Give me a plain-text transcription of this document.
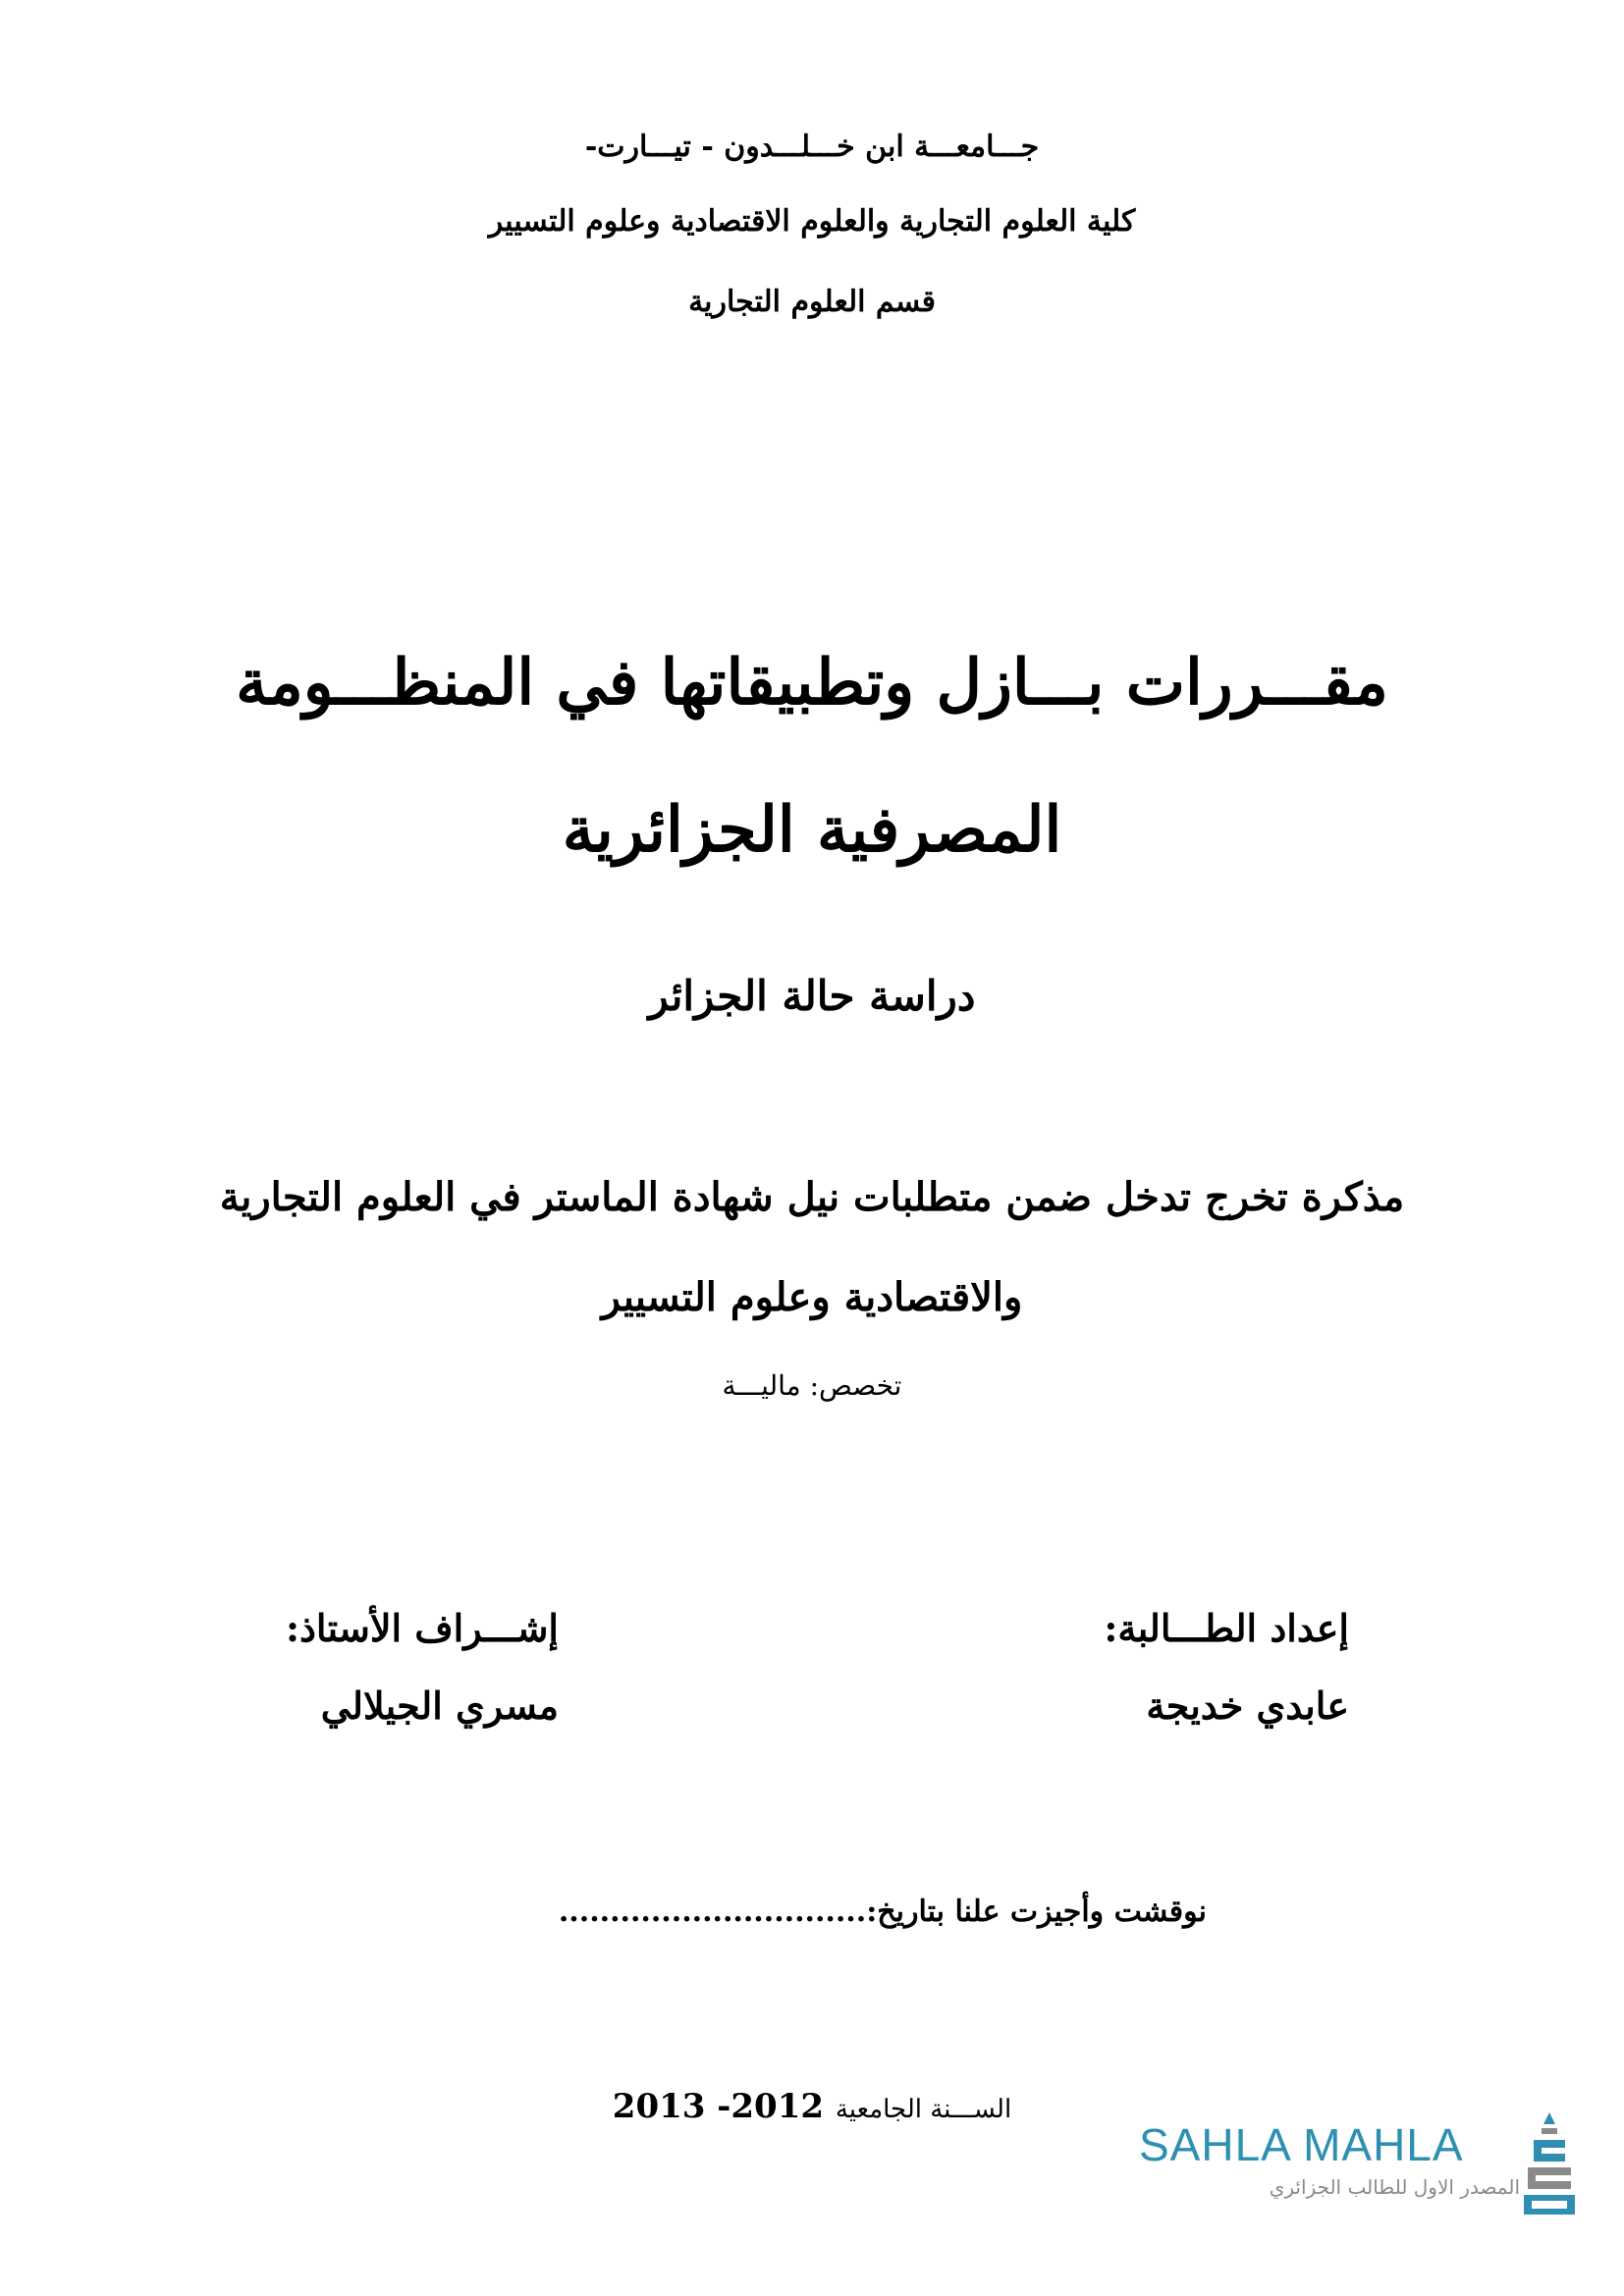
جـــامعـــة ابن خـــلـــدون - تيـــارت-
كلية العلوم التجارية والعلوم الاقتصادية وعلوم التسيير
قسم العلوم التجارية
مقـــررات بـــازل وتطبيقاتها في المنظـــومة
المصرفية الجزائرية
دراسة حالة الجزائر
مذكرة تخرج تدخل ضمن متطلبات نيل شهادة الماستر في العلوم التجارية
والاقتصادية وعلوم التسيير
تخصص: ماليـــة
إعداد الطـــالبة:
عابدي خديجة
إشـــراف الأستاذ:
مسري الجيلالي
نوقشت وأجيزت علنا بتاريخ:..............................
الســـنة الجامعية 2012- 2013
SAHLA MAHLA
المصدر الاول للطالب الجزائري
